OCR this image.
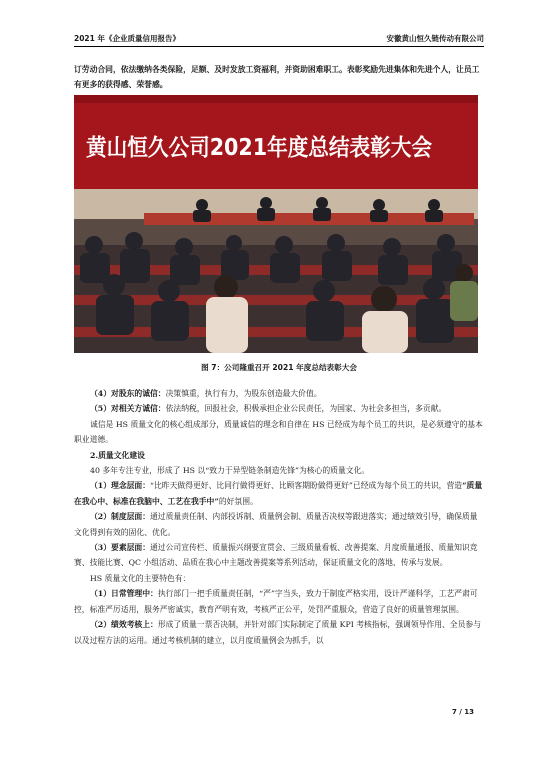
2021 年《企业质量信用报告》	安徽黄山恒久链传动有限公司

订劳动合同，依法缴纳各类保险，足额、及时发放工资福利，并资助困难职工。表彰奖励先进集体和先进个人，让员工有更多的获得感、荣誉感。

黄山恒久公司2021年度总结表彰大会
图 7：公司隆重召开 2021 年度总结表彰大会

（4）对股东的诚信：决策慎重，执行有力，为股东创造最大价值。

（5）对相关方诚信：依法纳税，回报社会，积极承担企业公民责任，为国家、为社会多担当，多贡献。

诚信是 HS 质量文化的核心组成部分，质量诚信的理念和自律在 HS 已经成为每个员工的共识，是必须遵守的基本职业道德。

2.质量文化建设

40 多年专注专业，形成了 HS 以“致力于异型链条制造先锋”为核心的质量文化。

（1）理念层面：“比昨天做得更好、比同行做得更好、比顾客期盼做得更好”已经成为每个员工的共识，营造“质量在我心中、标准在我脑中、工艺在我手中”的好氛围。

（2）制度层面：通过质量责任制、内部投诉制、质量例会制、质量否决权等跟进落实；通过绩效引导，确保质量文化得到有效的固化、优化。

（3）要素层面：通过公司宣传栏、质量振兴纲要宣贯会、三级质量看板、改善提案、月度质量通报、质量知识竞赛、技能比赛、QC 小组活动、品质在我心中主题改善提案等系列活动，保证质量文化的落地、传承与发展。

HS 质量文化的主要特色有：

（1）日常管理中：执行部门一把手质量责任制，“严”字当头，致力于制度严格实用，设计严谨科学，工艺严肃可控，标准严厉适用，服务严密诚实，教育严明有效，考核严正公平，处罚严重服众，营造了良好的质量管理氛围。

（2）绩效考核上：形成了质量一票否决制，并针对部门实际制定了质量 KPI 考核指标，强调领导作用、全员参与以及过程方法的运用。通过考核机制的建立，以月度质量例会为抓手，以

7 / 13
